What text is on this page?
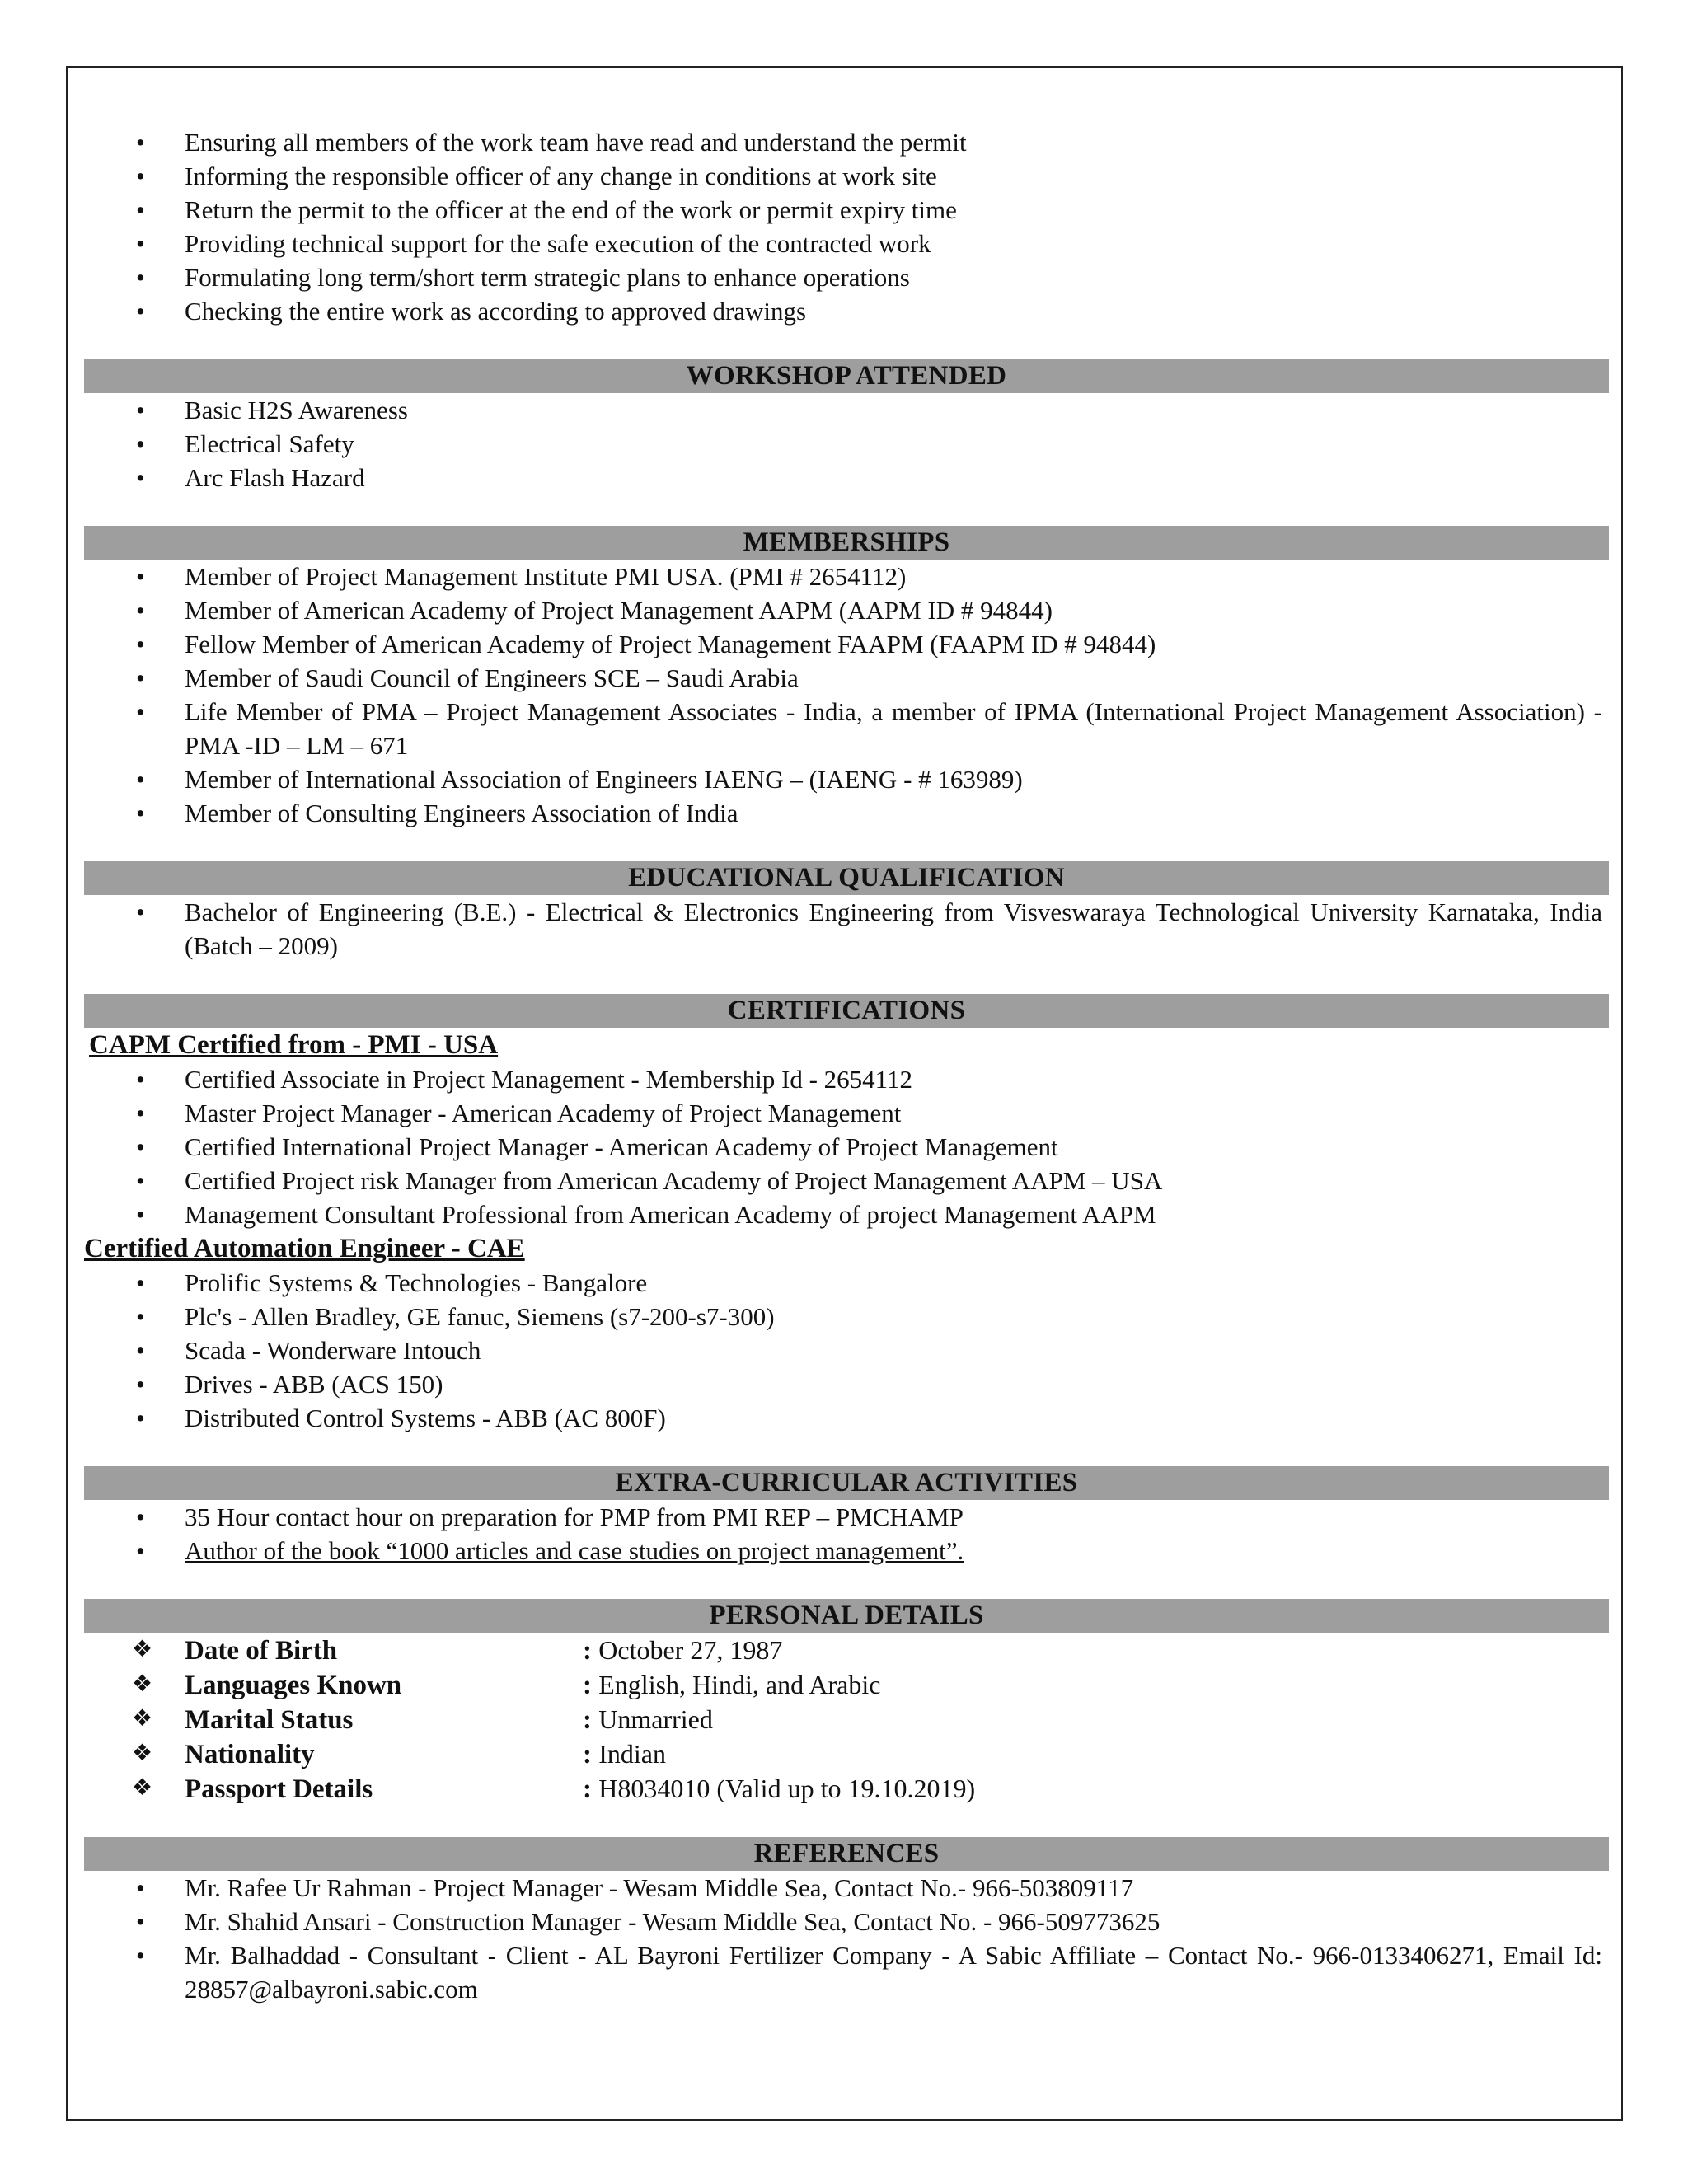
• Ensuring all members of the work team have read and understand the permit
• Informing the responsible officer of any change in conditions at work site
• Return the permit to the officer at the end of the work or permit expiry time
• Providing technical support for the safe execution of the contracted work
• Formulating long term/short term strategic plans to enhance operations
• Checking the entire work as according to approved drawings
WORKSHOP ATTENDED
• Basic H2S Awareness
• Electrical Safety
• Arc Flash Hazard
MEMBERSHIPS
• Member of Project Management Institute PMI USA. (PMI # 2654112)
• Member of American Academy of Project Management AAPM (AAPM ID # 94844)
• Fellow Member of American Academy of Project Management FAAPM (FAAPM ID # 94844)
• Member of Saudi Council of Engineers SCE – Saudi Arabia
• Life Member of PMA – Project Management Associates - India, a member of IPMA (International Project Management Association) - PMA -ID – LM – 671
• Member of International Association of Engineers IAENG – (IAENG - # 163989)
• Member of Consulting Engineers Association of India
EDUCATIONAL QUALIFICATION
• Bachelor of Engineering (B.E.) - Electrical & Electronics Engineering from Visveswaraya Technological University Karnataka, India (Batch – 2009)
CERTIFICATIONS
CAPM Certified from - PMI - USA
• Certified Associate in Project Management - Membership Id - 2654112
• Master Project Manager - American Academy of Project Management
• Certified International Project Manager - American Academy of Project Management
• Certified Project risk Manager from American Academy of Project Management AAPM – USA
• Management Consultant Professional from American Academy of project Management AAPM
Certified Automation Engineer - CAE
• Prolific Systems & Technologies - Bangalore
• Plc's - Allen Bradley, GE fanuc, Siemens (s7-200-s7-300)
• Scada - Wonderware Intouch
• Drives - ABB (ACS 150)
• Distributed Control Systems - ABB (AC 800F)
EXTRA-CURRICULAR ACTIVITIES
• 35 Hour contact hour on preparation for PMP from PMI REP – PMCHAMP
• Author of the book “1000 articles and case studies on project management”.
PERSONAL DETAILS
❖ Date of Birth	: October 27, 1987
❖ Languages Known	: English, Hindi, and Arabic
❖ Marital Status	: Unmarried
❖ Nationality	: Indian
❖ Passport Details	: H8034010 (Valid up to 19.10.2019)
REFERENCES
• Mr. Rafee Ur Rahman - Project Manager - Wesam Middle Sea, Contact No.- 966-503809117
• Mr. Shahid Ansari - Construction Manager - Wesam Middle Sea, Contact No. - 966-509773625
• Mr. Balhaddad - Consultant - Client - AL Bayroni Fertilizer Company - A Sabic Affiliate – Contact No.- 966-0133406271, Email Id: 28857@albayroni.sabic.com
